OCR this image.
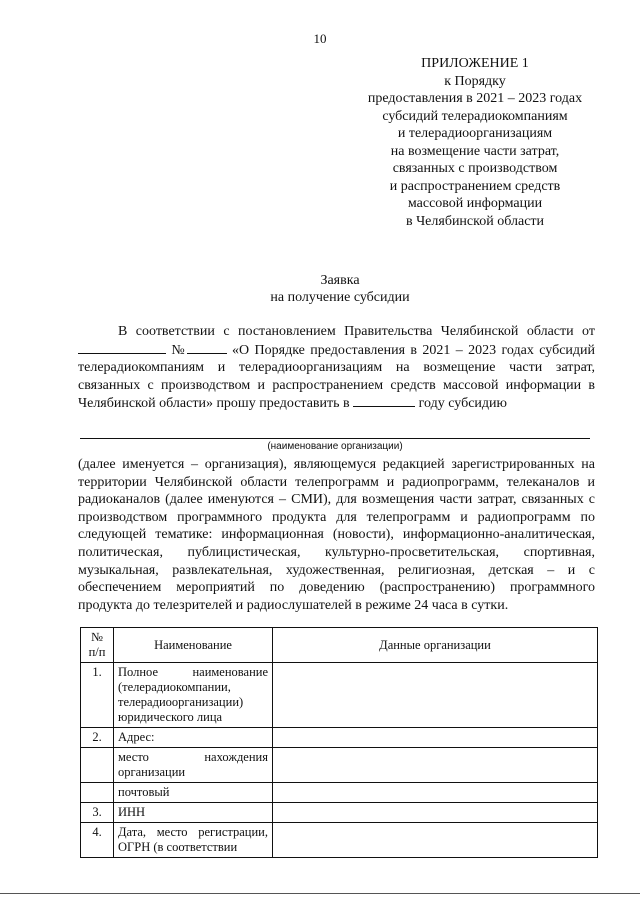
10
ПРИЛОЖЕНИЕ 1
к Порядку
предоставления в 2021 – 2023 годах
субсидий телерадиокомпаниям
и телерадиоорганизациям
на возмещение части затрат,
связанных с производством
и распространением средств
массовой информации
в Челябинской области
Заявка
на получение субсидии
В соответствии с постановлением Правительства Челябинской области от  №	«О Порядке предоставления в 2021 – 2023 годах субсидий телерадиокомпаниям и телерадиоорганизациям на возмещение части затрат, связанных с производством и распространением средств массовой информации в Челябинской области» прошу предоставить в	году субсидию
(наименование организации)
(далее именуется – организация), являющемуся редакцией зарегистрированных на территории Челябинской области телепрограмм и радиопрограмм, телеканалов и радиоканалов (далее именуются – СМИ), для возмещения части затрат, связанных с производством программного продукта для телепрограмм и радиопрограмм по следующей тематике: информационная (новости), информационно-аналитическая, политическая, публицистическая, культурно-просветительская, спортивная, музыкальная, развлекательная, художественная, религиозная, детская – и с обеспечением мероприятий по доведению (распространению) программного продукта до телезрителей и радиослушателей в режиме 24 часа в сутки.
№ п/п	Наименование	Данные организации
1.	Полное наименование (телерадиокомпании, телерадиоорганизации) юридического лица	
2.	Адрес:	
	место нахождения организации	
	почтовый	
3.	ИНН	
4.	Дата, место регистрации, ОГРН (в соответствии	
